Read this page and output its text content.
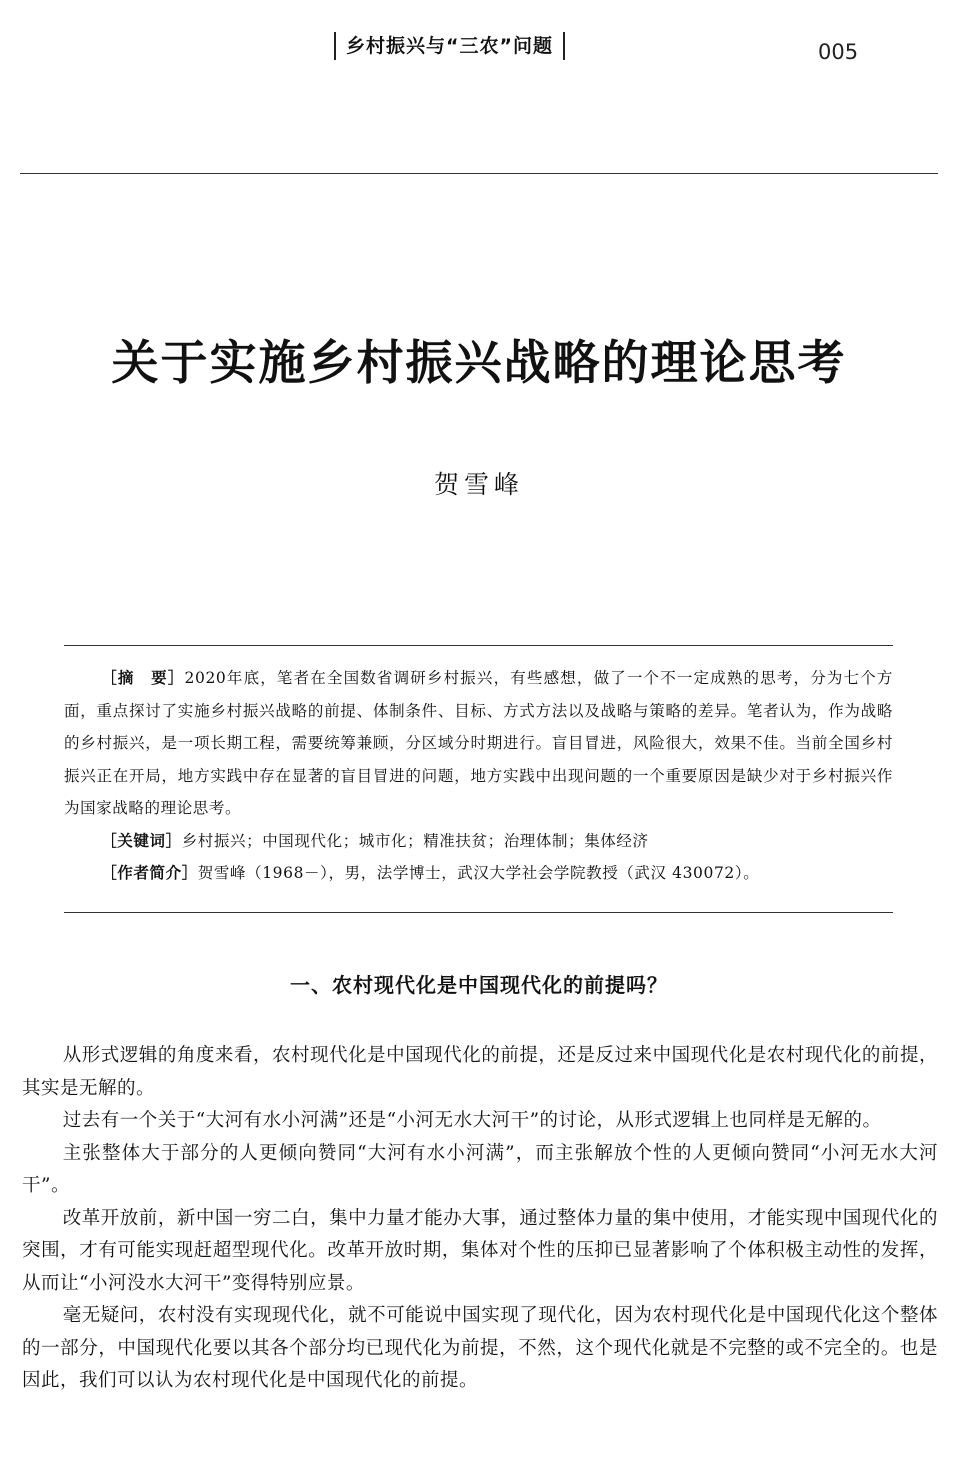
乡村振兴与“三农”问题	005
关于实施乡村振兴战略的理论思考
贺雪峰

［摘　要］2020年底，笔者在全国数省调研乡村振兴，有些感想，做了一个不一定成熟的思考，分为七个方面，重点探讨了实施乡村振兴战略的前提、体制条件、目标、方式方法以及战略与策略的差异。笔者认为，作为战略的乡村振兴，是一项长期工程，需要统筹兼顾，分区域分时期进行。盲目冒进，风险很大，效果不佳。当前全国乡村振兴正在开局，地方实践中存在显著的盲目冒进的问题，地方实践中出现问题的一个重要原因是缺少对于乡村振兴作为国家战略的理论思考。

［关键词］乡村振兴；中国现代化；城市化；精准扶贫；治理体制；集体经济

［作者简介］贺雪峰（1968－），男，法学博士，武汉大学社会学院教授（武汉 430072）。

一、农村现代化是中国现代化的前提吗？

从形式逻辑的角度来看，农村现代化是中国现代化的前提，还是反过来中国现代化是农村现代化的前提，其实是无解的。

过去有一个关于“大河有水小河满”还是“小河无水大河干”的讨论，从形式逻辑上也同样是无解的。

主张整体大于部分的人更倾向赞同“大河有水小河满”，而主张解放个性的人更倾向赞同“小河无水大河干”。

改革开放前，新中国一穷二白，集中力量才能办大事，通过整体力量的集中使用，才能实现中国现代化的突围，才有可能实现赶超型现代化。改革开放时期，集体对个性的压抑已显著影响了个体积极主动性的发挥，从而让“小河没水大河干”变得特别应景。

毫无疑问，农村没有实现现代化，就不可能说中国实现了现代化，因为农村现代化是中国现代化这个整体的一部分，中国现代化要以其各个部分均已现代化为前提，不然，这个现代化就是不完整的或不完全的。也是因此，我们可以认为农村现代化是中国现代化的前提。
